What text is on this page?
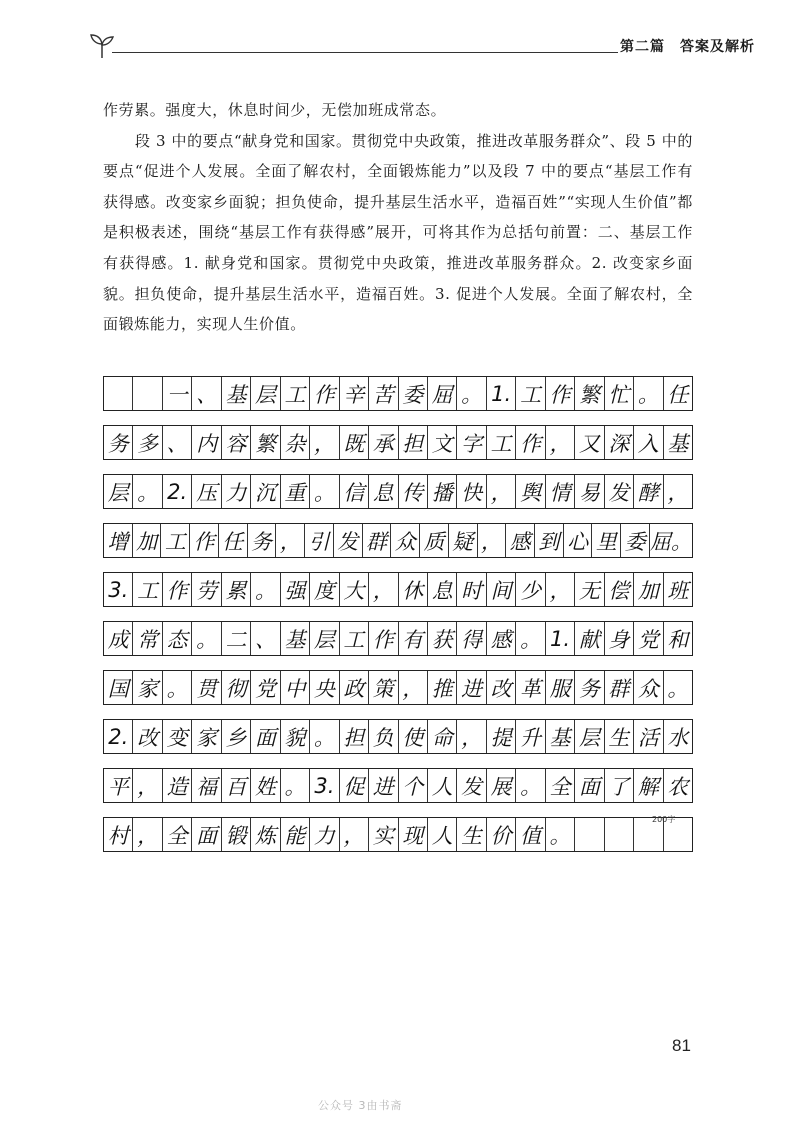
第二篇　答案及解析

作劳累。强度大，休息时间少，无偿加班成常态。

段 3 中的要点“献身党和国家。贯彻党中央政策，推进改革服务群众”、段 5 中的要点“促进个人发展。全面了解农村，全面锻炼能力”以及段 7 中的要点“基层工作有获得感。改变家乡面貌；担负使命，提升基层生活水平，造福百姓”“实现人生价值”都是积极表述，围绕“基层工作有获得感”展开，可将其作为总括句前置：二、基层工作有获得感。1. 献身党和国家。贯彻党中央政策，推进改革服务群众。2. 改变家乡面貌。担负使命，提升基层生活水平，造福百姓。3. 促进个人发展。全面了解农村，全面锻炼能力，实现人生价值。

一 、 基 层 工 作 辛 苦 委 屈 。 1. 工 作 繁 忙 。 任
务 多 、 内 容 繁 杂 ， 既 承 担 文 字 工 作 ， 又 深 入 基
层 。 2. 压 力 沉 重 。 信 息 传 播 快 ， 舆 情 易 发 酵 ，
增 加 工 作 任 务 ， 引 发 群 众 质 疑 ， 感 到 心 里 委 屈。
3. 工 作 劳 累 。 强 度 大 ， 休 息 时 间 少 ， 无 偿 加 班
成 常 态 。 二 、 基 层 工 作 有 获 得 感 。 1. 献 身 党 和
国 家 。 贯 彻 党 中 央 政 策 ， 推 进 改 革 服 务 群 众 。
2. 改 变 家 乡 面 貌 。 担 负 使 命 ， 提 升 基 层 生 活 水
平 ， 造 福 百 姓 。 3. 促 进 个 人 发 展 。 全 面 了 解 农
村 ， 全 面 锻 炼 能 力 ， 实 现 人 生 价 值 。
200字
81
公众号 3由书斋
